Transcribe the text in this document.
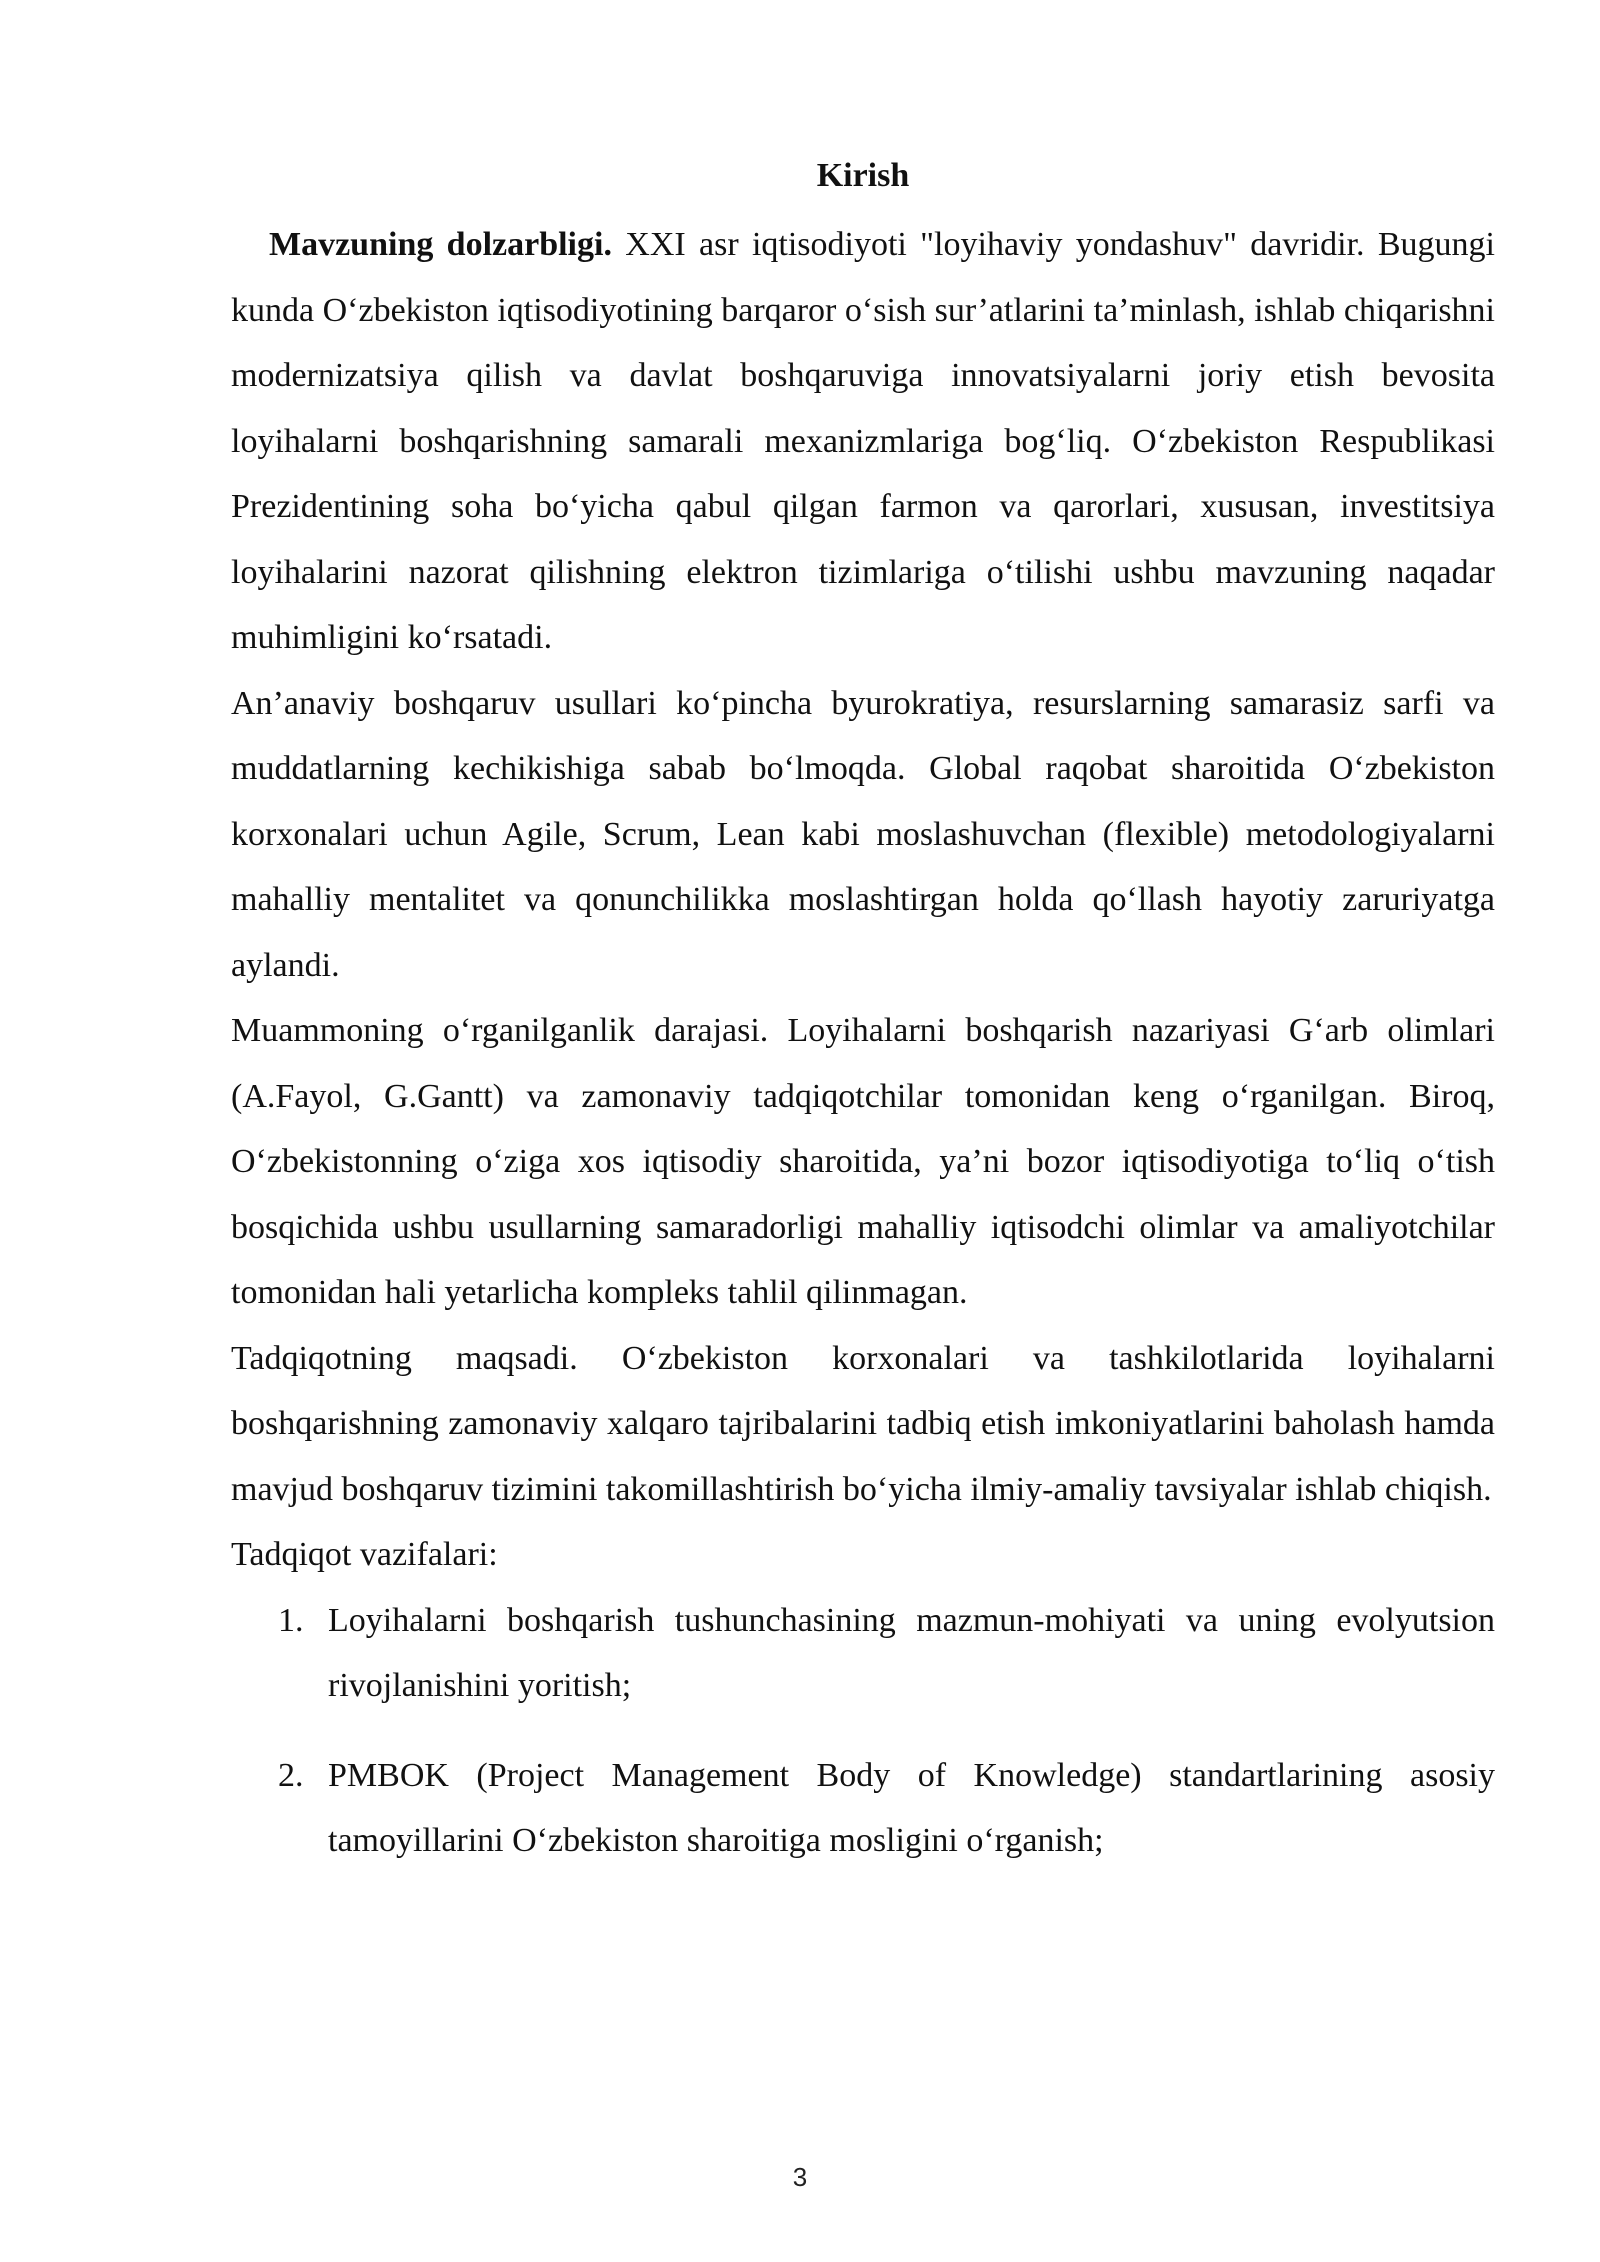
Kirish

Mavzuning dolzarbligi. XXI asr iqtisodiyoti "loyihaviy yondashuv" davridir. Bugungi kunda O‘zbekiston iqtisodiyotining barqaror o‘sish sur’atlarini ta’minlash, ishlab chiqarishni modernizatsiya qilish va davlat boshqaruviga innovatsiyalarni joriy etish bevosita loyihalarni boshqarishning samarali mexanizmlariga bog‘liq. O‘zbekiston Respublikasi Prezidentining soha bo‘yicha qabul qilgan farmon va qarorlari, xususan, investitsiya loyihalarini nazorat qilishning elektron tizimlariga o‘tilishi ushbu mavzuning naqadar muhimligini ko‘rsatadi.

An’anaviy boshqaruv usullari ko‘pincha byurokratiya, resurslarning samarasiz sarfi va muddatlarning kechikishiga sabab bo‘lmoqda. Global raqobat sharoitida O‘zbekiston korxonalari uchun Agile, Scrum, Lean kabi moslashuvchan (flexible) metodologiyalarni mahalliy mentalitet va qonunchilikka moslashtirgan holda qo‘llash hayotiy zaruriyatga aylandi.

Muammoning o‘rganilganlik darajasi. Loyihalarni boshqarish nazariyasi G‘arb olimlari (A.Fayol, G.Gantt) va zamonaviy tadqiqotchilar tomonidan keng o‘rganilgan. Biroq, O‘zbekistonning o‘ziga xos iqtisodiy sharoitida, ya’ni bozor iqtisodiyotiga to‘liq o‘tish bosqichida ushbu usullarning samaradorligi mahalliy iqtisodchi olimlar va amaliyotchilar tomonidan hali yetarlicha kompleks tahlil qilinmagan.

Tadqiqotning maqsadi. O‘zbekiston korxonalari va tashkilotlarida loyihalarni boshqarishning zamonaviy xalqaro tajribalarini tadbiq etish imkoniyatlarini baholash hamda mavjud boshqaruv tizimini takomillashtirish bo‘yicha ilmiy-amaliy tavsiyalar ishlab chiqish.

Tadqiqot vazifalari:

1. Loyihalarni boshqarish tushunchasining mazmun-mohiyati va uning evolyutsion rivojlanishini yoritish;
2. PMBOK (Project Management Body of Knowledge) standartlarining asosiy tamoyillarini O‘zbekiston sharoitiga mosligini o‘rganish;
3
